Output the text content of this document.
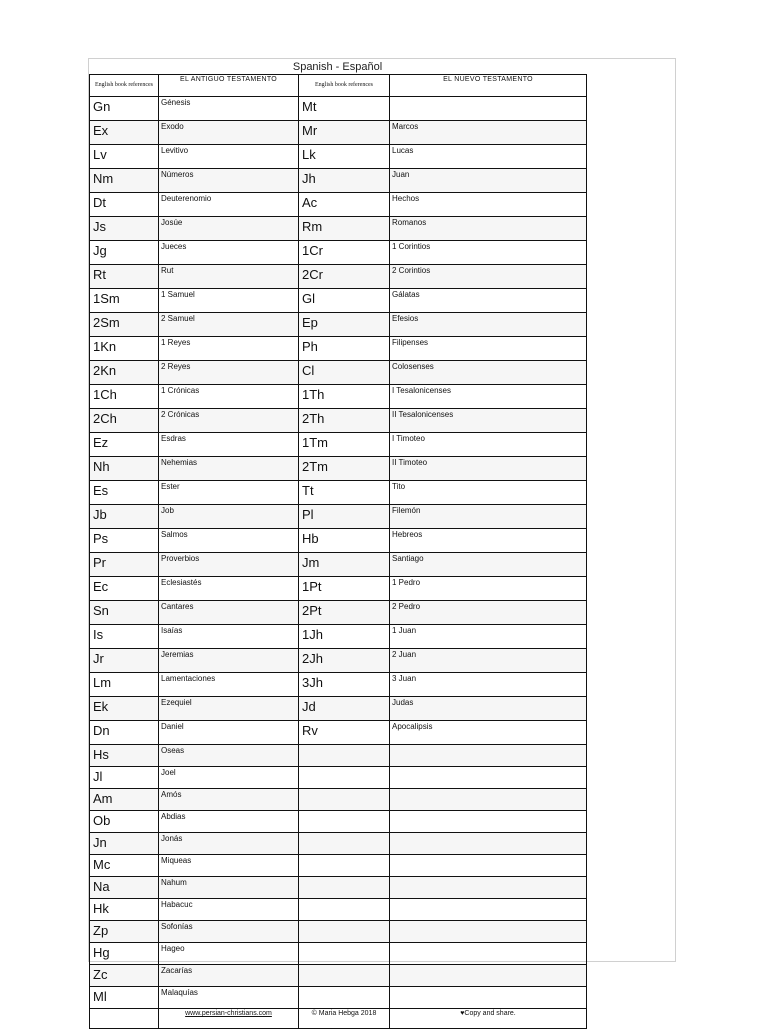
Spanish - Español
English book references	EL ANTIGUO TESTAMENTO	English book references	EL NUEVO TESTAMENTO
Gn	Génesis	Mt	
Ex	Exodo	Mr	Marcos
Lv	Levitivo	Lk	Lucas
Nm	Números	Jh	Juan
Dt	Deuterenomio	Ac	Hechos
Js	Josúe	Rm	Romanos
Jg	Jueces	1Cr	1 Corintios
Rt	Rut	2Cr	2 Corintios
1Sm	1 Samuel	Gl	Gálatas
2Sm	2 Samuel	Ep	Efesios
1Kn	1 Reyes	Ph	Filipenses
2Kn	2 Reyes	Cl	Colosenses
1Ch	1 Crónicas	1Th	I Tesalonicenses
2Ch	2 Crónicas	2Th	II Tesalonicenses
Ez	Esdras	1Tm	I Timoteo
Nh	Nehemias	2Tm	II Timoteo
Es	Ester	Tt	Tito
Jb	Job	Pl	Filemón
Ps	Salmos	Hb	Hebreos
Pr	Proverbios	Jm	Santiago
Ec	Eclesiastés	1Pt	1 Pedro
Sn	Cantares	2Pt	2 Pedro
Is	Isaías	1Jh	1 Juan
Jr	Jeremias	2Jh	2 Juan
Lm	Lamentaciones	3Jh	3 Juan
Ek	Ezequiel	Jd	Judas
Dn	Daniel	Rv	Apocalipsis
Hs	Oseas		
Jl	Joel		
Am	Amós		
Ob	Abdias		
Jn	Jonás		
Mc	Miqueas		
Na	Nahum		
Hk	Habacuc		
Zp	Sofonías		
Hg	Hageo		
Zc	Zacarías		
Ml	Malaquías		
	www.persian-christians.com	© Maria Hebga 2018	♥Copy and share.
